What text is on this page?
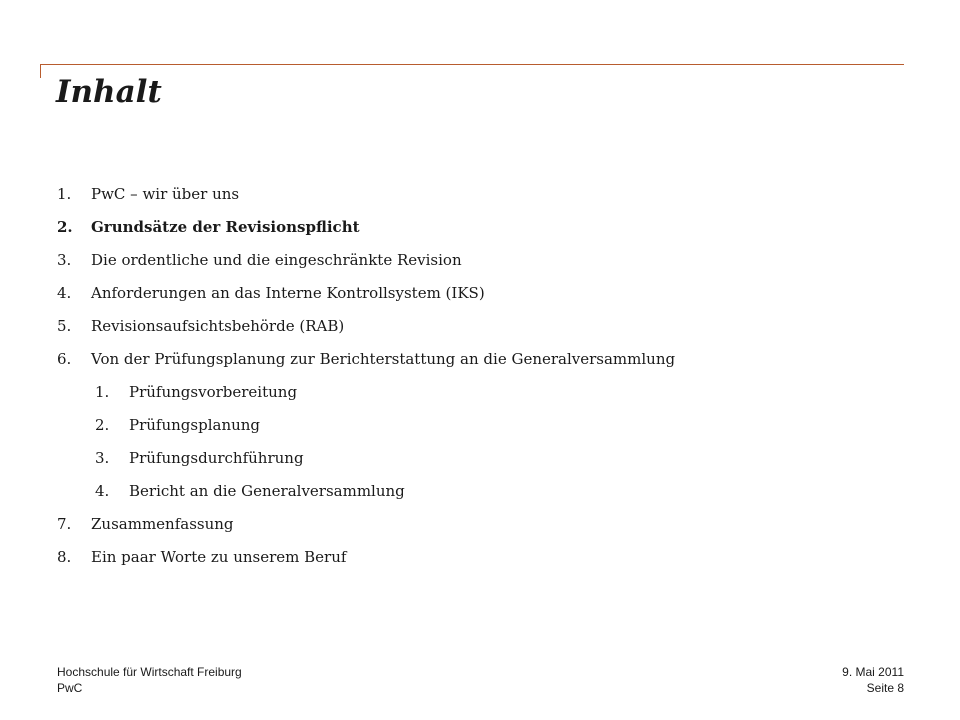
Inhalt
1.	PwC – wir über uns
2.	Grundsätze der Revisionspflicht
3.	Die ordentliche und die eingeschränkte Revision
4.	Anforderungen an das Interne Kontrollsystem (IKS)
5.	Revisionsaufsichtsbehörde (RAB)
6.	Von der Prüfungsplanung zur Berichterstattung an die Generalversammlung
1.	Prüfungsvorbereitung
2.	Prüfungsplanung
3.	Prüfungsdurchführung
4.	Bericht an die Generalversammlung
7.	Zusammenfassung
8.	Ein paar Worte zu unserem Beruf
Hochschule für Wirtschaft Freiburg
PwC
9. Mai 2011
Seite 8
